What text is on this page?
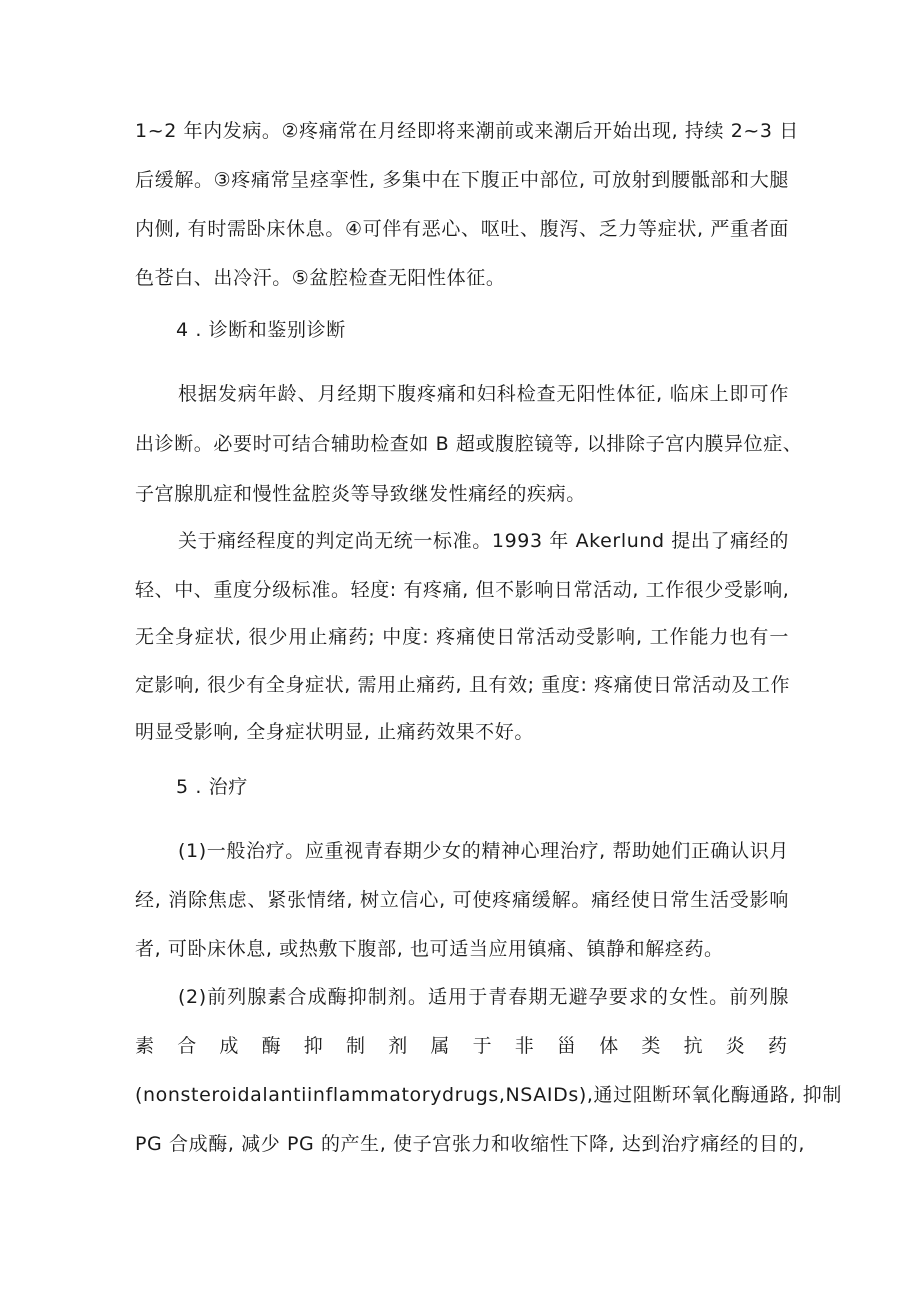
1~2 年内发病。②疼痛常在月经即将来潮前或来潮后开始出现, 持续 2~3 日
后缓解。③疼痛常呈痉挛性, 多集中在下腹正中部位, 可放射到腰骶部和大腿
内侧, 有时需卧床休息。④可伴有恶心、呕吐、腹泻、乏力等症状, 严重者面
色苍白、出冷汗。⑤盆腔检查无阳性体征。
4 . 诊断和鉴别诊断
根据发病年龄、月经期下腹疼痛和妇科检查无阳性体征, 临床上即可作
出诊断。必要时可结合辅助检查如 B 超或腹腔镜等, 以排除子宫内膜异位症、
子宫腺肌症和慢性盆腔炎等导致继发性痛经的疾病。
关于痛经程度的判定尚无统一标准。1993 年 Akerlund 提出了痛经的
轻、中、重度分级标准。轻度: 有疼痛, 但不影响日常活动, 工作很少受影响,
无全身症状, 很少用止痛药; 中度: 疼痛使日常活动受影响, 工作能力也有一
定影响, 很少有全身症状, 需用止痛药, 且有效; 重度: 疼痛使日常活动及工作
明显受影响, 全身症状明显, 止痛药效果不好。
5 . 治疗
(1)一般治疗。应重视青春期少女的精神心理治疗, 帮助她们正确认识月
经, 消除焦虑、紧张情绪, 树立信心, 可使疼痛缓解。痛经使日常生活受影响
者, 可卧床休息, 或热敷下腹部, 也可适当应用镇痛、镇静和解痉药。
(2)前列腺素合成酶抑制剂。适用于青春期无避孕要求的女性。前列腺
素 合 成 酶 抑 制 剂 属 于 非 甾 体 类 抗 炎 药
(nonsteroidalantiinflammatorydrugs,NSAIDs),通过阻断环氧化酶通路, 抑制
PG 合成酶, 减少 PG 的产生, 使子宫张力和收缩性下降, 达到治疗痛经的目的,
